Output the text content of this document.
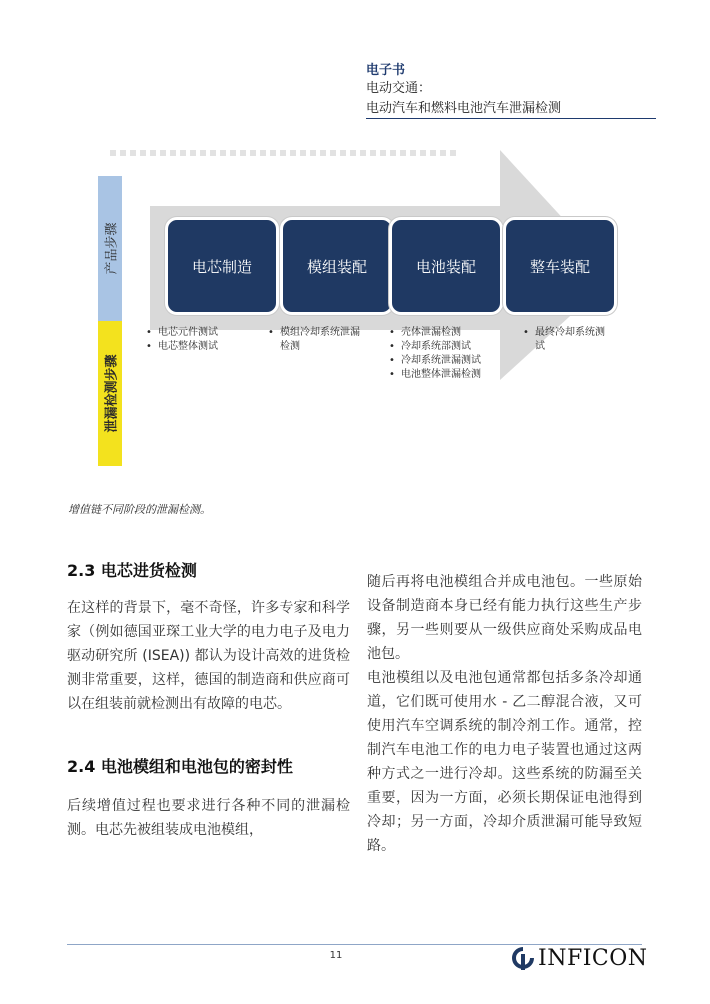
电子书
电动交通：
电动汽车和燃料电池汽车泄漏检测
产品步骤
泄漏检测步骤
电芯制造	模组装配	电池装配	整车装配
• 电芯元件测试
• 电芯整体测试
• 模组冷却系统泄漏检测
• 壳体泄漏检测
• 冷却系统部测试
• 冷却系统泄漏测试
• 电池整体泄漏检测
• 最终冷却系统测试
增值链不同阶段的泄漏检测。
2.3 电芯进货检测

在这样的背景下，毫不奇怪，许多专家和科学家（例如德国亚琛工业大学的电力电子及电力驱动研究所 (ISEA)) 都认为设计高效的进货检测非常重要，这样，德国的制造商和供应商可以在组装前就检测出有故障的电芯。

2.4 电池模组和电池包的密封性

后续增值过程也要求进行各种不同的泄漏检测。电芯先被组装成电池模组，

随后再将电池模组合并成电池包。一些原始设备制造商本身已经有能力执行这些生产步骤，另一些则要从一级供应商处采购成品电池包。

电池模组以及电池包通常都包括多条冷却通道，它们既可使用水 - 乙二醇混合液，又可使用汽车空调系统的制冷剂工作。通常，控制汽车电池工作的电力电子装置也通过这两种方式之一进行冷却。这些系统的防漏至关重要，因为一方面，必须长期保证电池得到冷却；另一方面，冷却介质泄漏可能导致短路。

11	INFICON
